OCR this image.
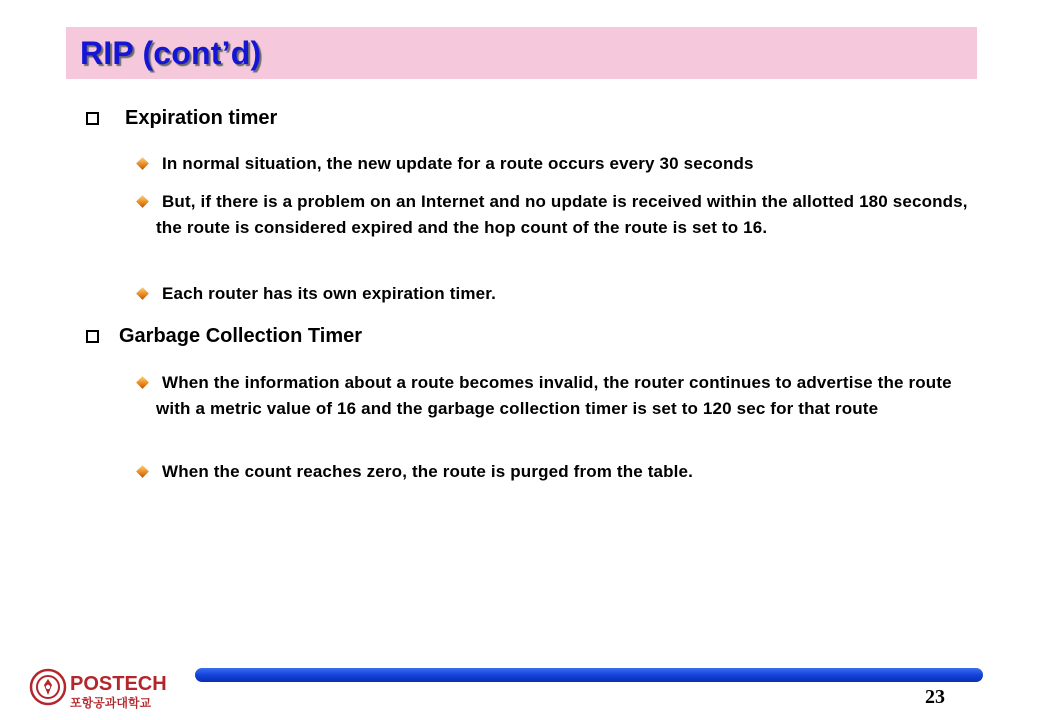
RIP (cont’d)
Expiration timer
In normal situation, the new update for a route occurs every 30 seconds
But, if there is a problem on an Internet and no update is received within the allotted 180 seconds, the route is considered expired and the hop count of the route is set to 16.
Each router has its own expiration timer.
Garbage Collection Timer
When the information about a route becomes invalid, the router continues to advertise the route with a metric value of 16 and the garbage collection timer is set to 120 sec for that route
When the count reaches zero, the route is purged from the table.
POSTECH
포항공과대학교	23
